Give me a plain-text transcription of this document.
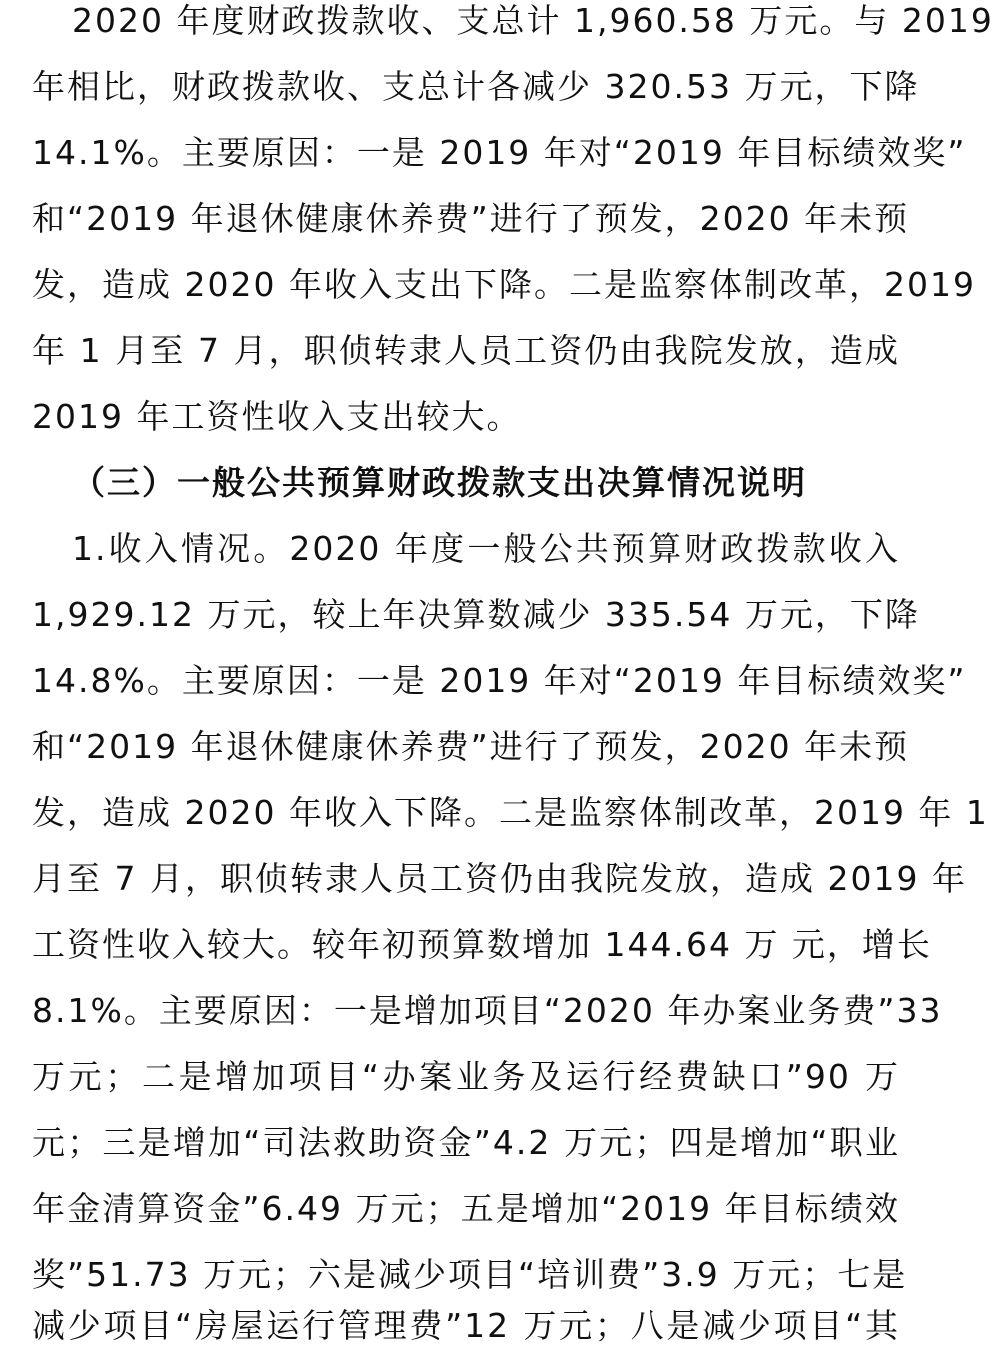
2020 年度财政拨款收、支总计 1,960.58 万元。与 2019
年相比，财政拨款收、支总计各减少 320.53 万元，下降
14.1%。主要原因：一是 2019 年对“2019 年目标绩效奖”
和“2019 年退休健康休养费”进行了预发，2020 年未预
发，造成 2020 年收入支出下降。二是监察体制改革，2019
年 1 月至 7 月，职侦转隶人员工资仍由我院发放，造成
2019 年工资性收入支出较大。
（三）一般公共预算财政拨款支出决算情况说明
1.收入情况。2020 年度一般公共预算财政拨款收入
1,929.12 万元，较上年决算数减少 335.54 万元，下降
14.8%。主要原因：一是 2019 年对“2019 年目标绩效奖”
和“2019 年退休健康休养费”进行了预发，2020 年未预
发，造成 2020 年收入下降。二是监察体制改革，2019 年 1
月至 7 月，职侦转隶人员工资仍由我院发放，造成 2019 年
工资性收入较大。较年初预算数增加 144.64 万 元，增长
8.1%。主要原因：一是增加项目“2020 年办案业务费”33
万元；二是增加项目“办案业务及运行经费缺口”90 万
元；三是增加“司法救助资金”4.2 万元；四是增加“职业
年金清算资金”6.49 万元；五是增加“2019 年目标绩效
奖”51.73 万元；六是减少项目“培训费”3.9 万元；七是
减少项目“房屋运行管理费”12 万元；八是减少项目“其
